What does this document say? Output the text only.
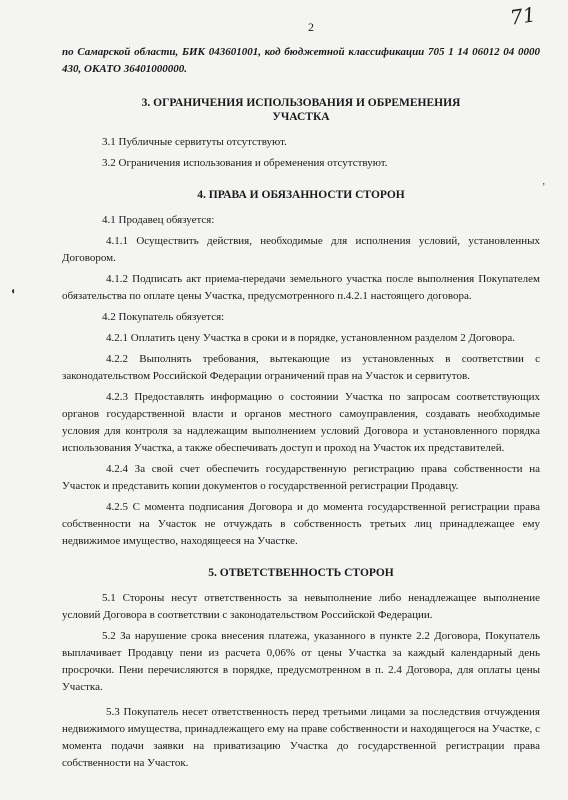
2	71
◖
‚

по Самарской области, БИК 043601001, код бюджетной классификации 705 1 14 06012 04 0000 430, ОКАТО 36401000000.

3. ОГРАНИЧЕНИЯ ИСПОЛЬЗОВАНИЯ И ОБРЕМЕНЕНИЯ
УЧАСТКА

3.1 Публичные сервитуты отсутствуют.

3.2 Ограничения использования и обременения отсутствуют.

4. ПРАВА И ОБЯЗАННОСТИ СТОРОН

4.1 Продавец обязуется:

4.1.1 Осуществить действия, необходимые для исполнения условий, установленных Договором.

4.1.2 Подписать акт приема-передачи земельного участка после выполнения Покупателем обязательства по оплате цены Участка, предусмотренного п.4.2.1 настоящего договора.

4.2 Покупатель обязуется:

4.2.1 Оплатить цену Участка в сроки и в порядке, установленном разделом 2 Договора.

4.2.2 Выполнять требования, вытекающие из установленных в соответствии с законодательством Российской Федерации ограничений прав на Участок и сервитутов.

4.2.3 Предоставлять информацию о состоянии Участка по запросам соответствующих органов государственной власти и органов местного самоуправления, создавать необходимые условия для контроля за надлежащим выполнением условий Договора и установленного порядка использования Участка, а также обеспечивать доступ и проход на Участок их представителей.

4.2.4 За свой счет обеспечить государственную регистрацию права собственности на Участок и представить копии документов о государственной регистрации Продавцу.

4.2.5 С момента подписания Договора и до момента государственной регистрации права собственности на Участок не отчуждать в собственность третьих лиц принадлежащее ему недвижимое имущество, находящееся на Участке.

5. ОТВЕТСТВЕННОСТЬ СТОРОН

5.1 Стороны несут ответственность за невыполнение либо ненадлежащее выполнение условий Договора в соответствии с законодательством Российской Федерации.

5.2 За нарушение срока внесения платежа, указанного в пункте 2.2 Договора, Покупатель выплачивает Продавцу пени из расчета 0,06% от цены Участка за каждый календарный день просрочки. Пени перечисляются в порядке, предусмотренном в п. 2.4 Договора, для оплаты цены Участка.

5.3 Покупатель несет ответственность перед третьими лицами за последствия отчуждения недвижимого имущества, принадлежащего ему на праве собственности и находящегося на Участке, с момента подачи заявки на приватизацию Участка до государственной регистрации права собственности на Участок.
